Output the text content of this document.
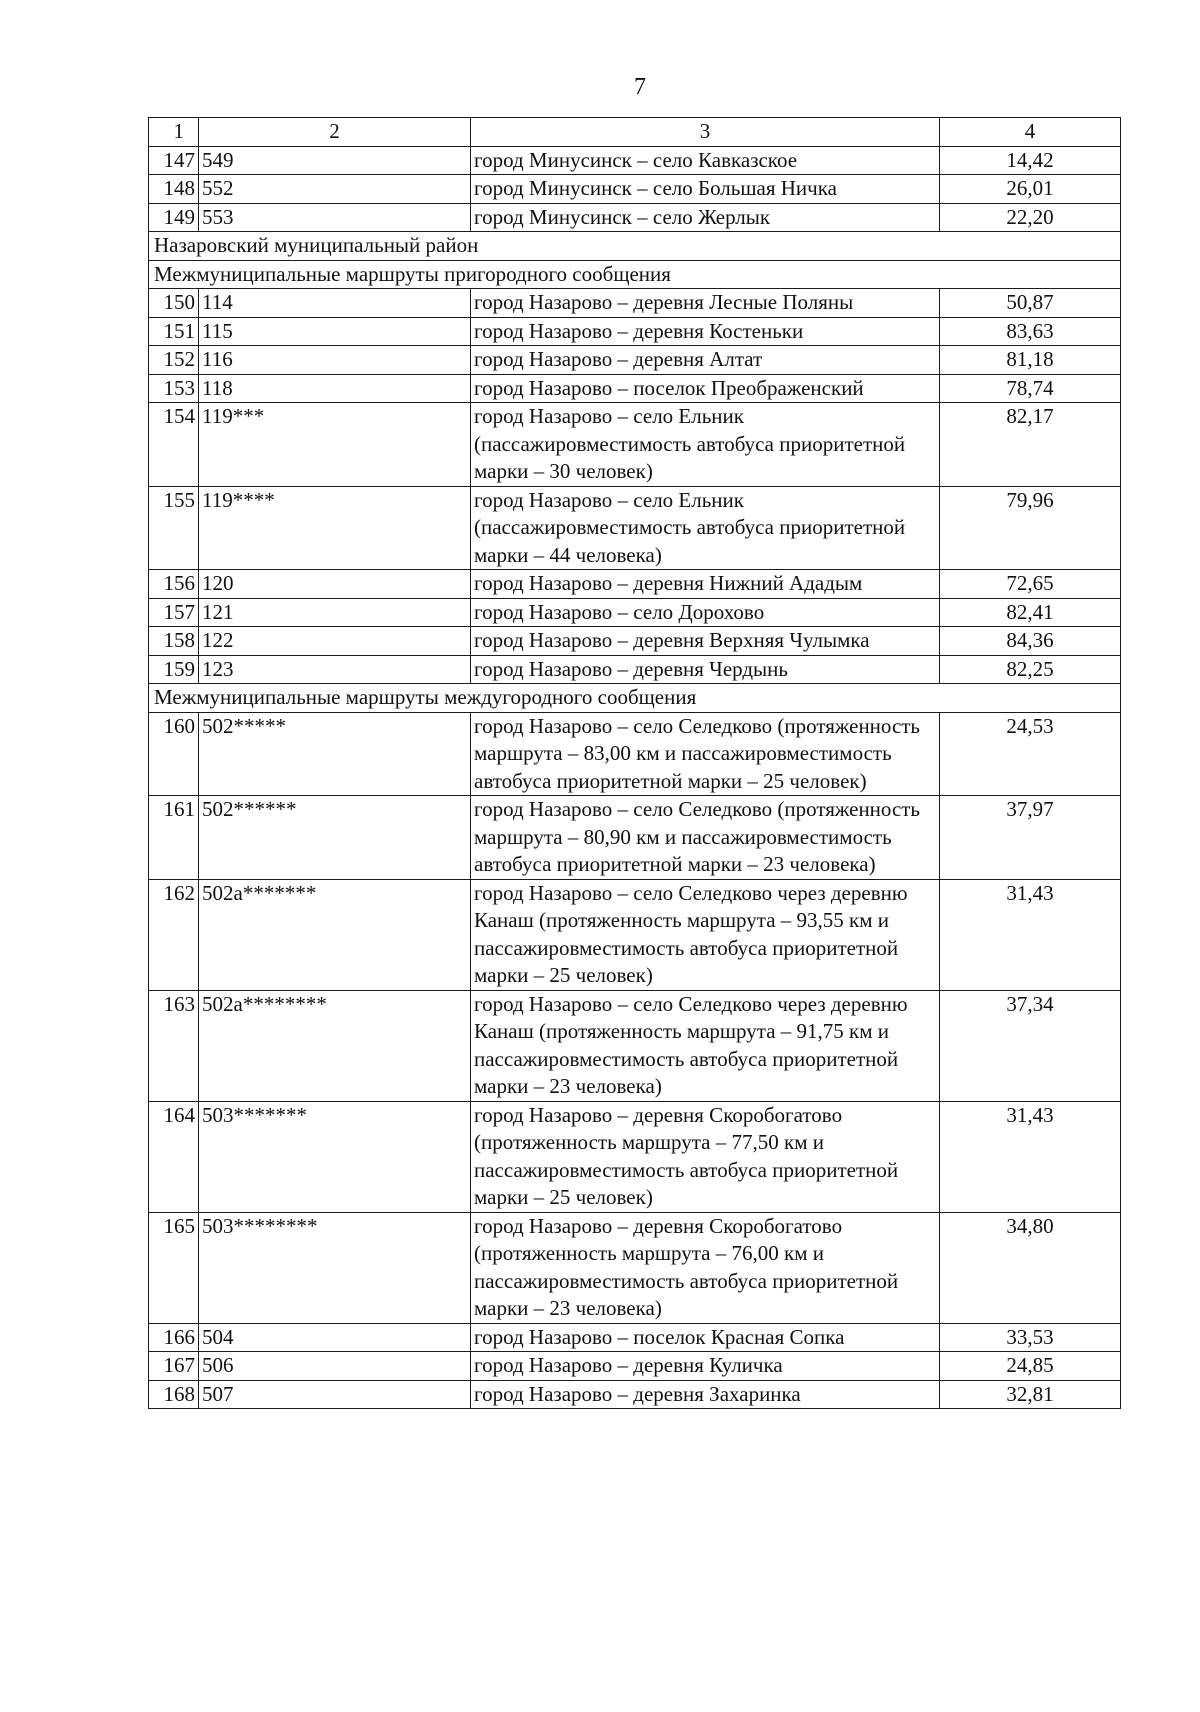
7
1	2	3	4
147	549	город Минусинск – село Кавказское	14,42
148	552	город Минусинск – село Большая Ничка	26,01
149	553	город Минусинск – село Жерлык	22,20
Назаровский муниципальный район			
Межмуниципальные маршруты пригородного сообщения			
150	114	город Назарово – деревня Лесные Поляны	50,87
151	115	город Назарово – деревня Костеньки	83,63
152	116	город Назарово – деревня Алтат	81,18
153	118	город Назарово – поселок Преображенский	78,74
154	119***	город Назарово – село Ельник (пассажировместимость автобуса приоритетной марки – 30 человек)	82,17
155	119****	город Назарово – село Ельник (пассажировместимость автобуса приоритетной марки – 44 человека)	79,96
156	120	город Назарово – деревня Нижний Ададым	72,65
157	121	город Назарово – село Дорохово	82,41
158	122	город Назарово – деревня Верхняя Чулымка	84,36
159	123	город Назарово – деревня Чердынь	82,25
Межмуниципальные маршруты междугородного сообщения			
160	502*****	город Назарово – село Селедково (протяженность маршрута – 83,00 км и пассажировместимость автобуса приоритетной марки – 25 человек)	24,53
161	502******	город Назарово – село Селедково (протяженность маршрута – 80,90 км и пассажировместимость автобуса приоритетной марки – 23 человека)	37,97
162	502а*******	город Назарово – село Селедково через деревню Канаш (протяженность маршрута – 93,55 км и пассажировместимость автобуса приоритетной марки – 25 человек)	31,43
163	502а********	город Назарово – село Селедково через деревню Канаш (протяженность маршрута – 91,75 км и пассажировместимость автобуса приоритетной марки – 23 человека)	37,34
164	503*******	город Назарово – деревня Скоробогатово (протяженность маршрута – 77,50 км и пассажировместимость автобуса приоритетной марки – 25 человек)	31,43
165	503********	город Назарово – деревня Скоробогатово (протяженность маршрута – 76,00 км и пассажировместимость автобуса приоритетной марки – 23 человека)	34,80
166	504	город Назарово – поселок Красная Сопка	33,53
167	506	город Назарово – деревня Куличка	24,85
168	507	город Назарово – деревня Захаринка	32,81
